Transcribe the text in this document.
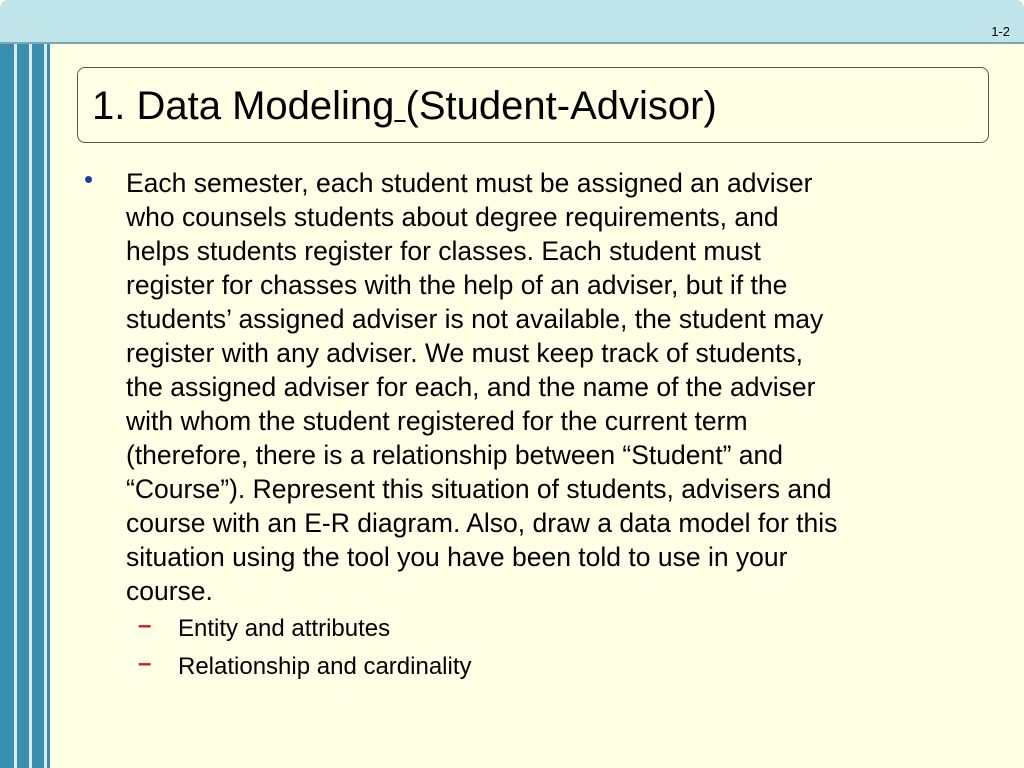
1-2
1. Data Modeling (Student-Advisor)
• Each semester, each student must be assigned an adviser
who counsels students about degree requirements, and
helps students register for classes. Each student must
register for chasses with the help of an adviser, but if the
students’ assigned adviser is not available, the student may
register with any adviser. We must keep track of students,
the assigned adviser for each, and the name of the adviser
with whom the student registered for the current term
(therefore, there is a relationship between “Student” and
“Course”). Represent this situation of students, advisers and
course with an E-R diagram. Also, draw a data model for this
situation using the tool you have been told to use in your
course.
– Entity and attributes
– Relationship and cardinality
